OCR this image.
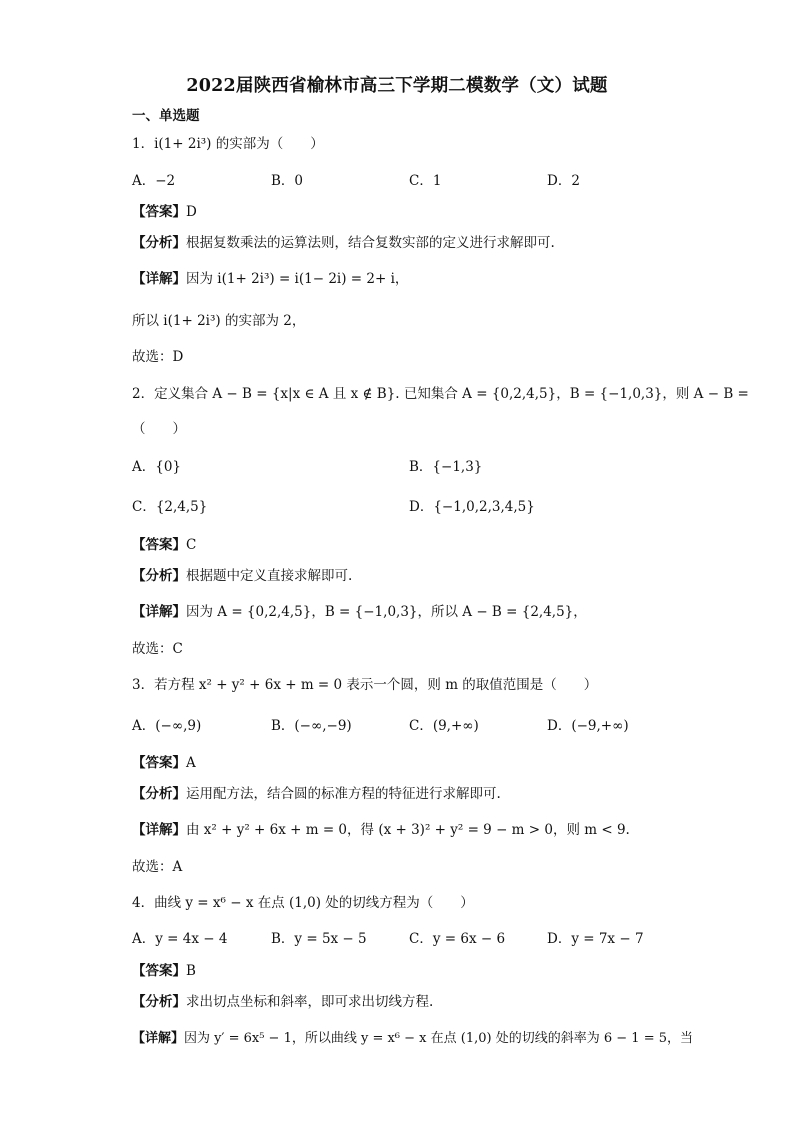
2022届陕西省榆林市高三下学期二模数学（文）试题
一、单选题
1．i(1+ 2i³) 的实部为（　　）
A．−2	B．0	C．1	D．2
【答案】D
【分析】根据复数乘法的运算法则，结合复数实部的定义进行求解即可.
【详解】因为 i(1+ 2i³) = i(1− 2i) = 2+ i，
所以 i(1+ 2i³) 的实部为 2，
故选：D
2．定义集合 A − B = {x|x ∈ A 且 x ∉ B}. 已知集合 A = {0,2,4,5}，B = {−1,0,3}，则 A − B =
（　　）
A．{0}	B．{−1,3}
C．{2,4,5}	D．{−1,0,2,3,4,5}
【答案】C
【分析】根据题中定义直接求解即可.
【详解】因为 A = {0,2,4,5}，B = {−1,0,3}，所以 A − B = {2,4,5}，
故选：C
3．若方程 x² + y² + 6x + m = 0 表示一个圆，则 m 的取值范围是（　　）
A．(−∞,9)	B．(−∞,−9)	C．(9,+∞)	D．(−9,+∞)
【答案】A
【分析】运用配方法，结合圆的标准方程的特征进行求解即可.
【详解】由 x² + y² + 6x + m = 0，得 (x + 3)² + y² = 9 − m > 0，则 m < 9.
故选：A
4．曲线 y = x⁶ − x 在点 (1,0) 处的切线方程为（　　）
A．y = 4x − 4	B．y = 5x − 5	C．y = 6x − 6	D．y = 7x − 7
【答案】B
【分析】求出切点坐标和斜率，即可求出切线方程.
【详解】因为 y′ = 6x⁵ − 1，所以曲线 y = x⁶ − x 在点 (1,0) 处的切线的斜率为 6 − 1 = 5，当
